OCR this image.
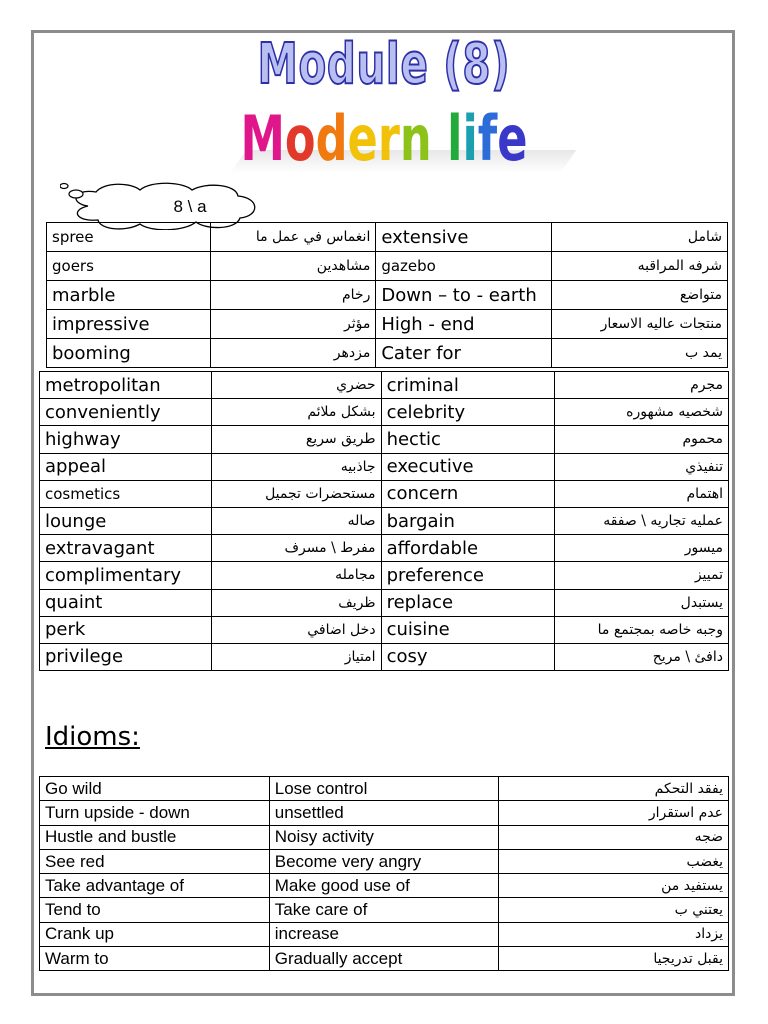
Module (8)
Modern life
8 \ a
spree	انغماس في عمل ما	extensive	شامل
goers	مشاهدين	gazebo	شرفه المراقبه
marble	رخام	Down – to - earth	متواضع
impressive	مؤثر	High - end	منتجات عاليه الاسعار
booming	مزدهر	Cater for	يمد ب
metropolitan	حضري	criminal	مجرم
conveniently	بشكل ملائم	celebrity	شخصيه مشهوره
highway	طريق سريع	hectic	محموم
appeal	جاذبيه	executive	تنفيذي
cosmetics	مستحضرات تجميل	concern	اهتمام
lounge	صاله	bargain	عمليه تجاريه \ صفقه
extravagant	مفرط \ مسرف	affordable	ميسور
complimentary	مجامله	preference	تمييز
quaint	ظريف	replace	يستبدل
perk	دخل اضافي	cuisine	وجبه خاصه بمجتمع ما
privilege	امتياز	cosy	دافئ \ مريح
Idioms:
Go wild	Lose control	يفقد التحكم
Turn upside - down	unsettled	عدم استقرار
Hustle and bustle	Noisy activity	ضجه
See red	Become very angry	يغضب
Take advantage of	Make good use of	يستفيد من
Tend to	Take care of	يعتني ب
Crank up	increase	يزداد
Warm to	Gradually accept	يقبل تدريجيا
